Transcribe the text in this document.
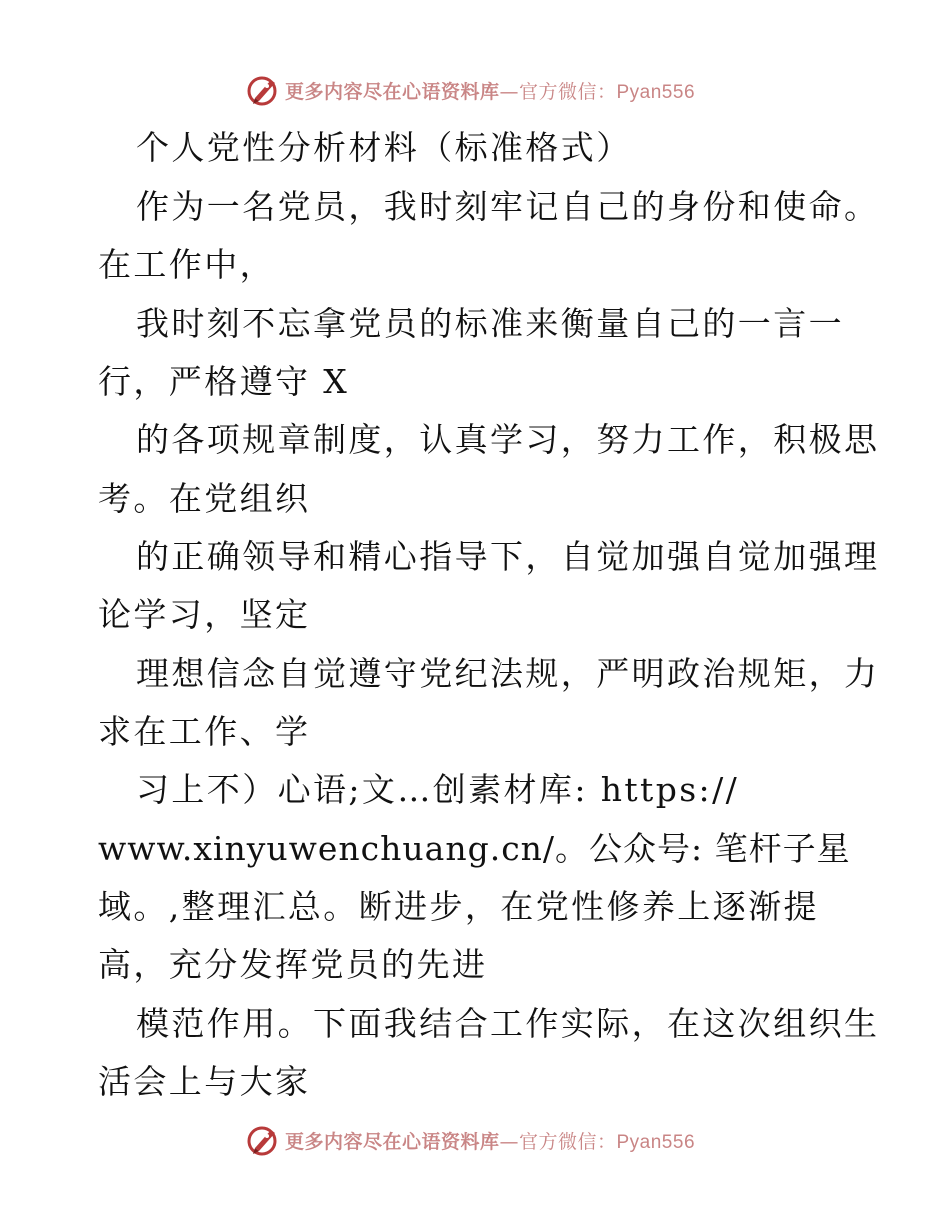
更多内容尽在心语资料库—官方微信：Pyan556
个人党性分析材料（标准格式）
作为一名党员，我时刻牢记自己的身份和使命。
在工作中，
我时刻不忘拿党员的标准来衡量自己的一言一
行，严格遵守 X
的各项规章制度，认真学习，努力工作，积极思
考。在党组织
的正确领导和精心指导下，自觉加强自觉加强理
论学习，坚定
理想信念自觉遵守党纪法规，严明政治规矩，力
求在工作、学
习上不）心语;文…创素材库: https://
www.xinyuwenchuang.cn/。公众号: 笔杆子星
域。,整理汇总。断进步，在党性修养上逐渐提
高，充分发挥党员的先进
模范作用。下面我结合工作实际，在这次组织生
活会上与大家
更多内容尽在心语资料库—官方微信：Pyan556
